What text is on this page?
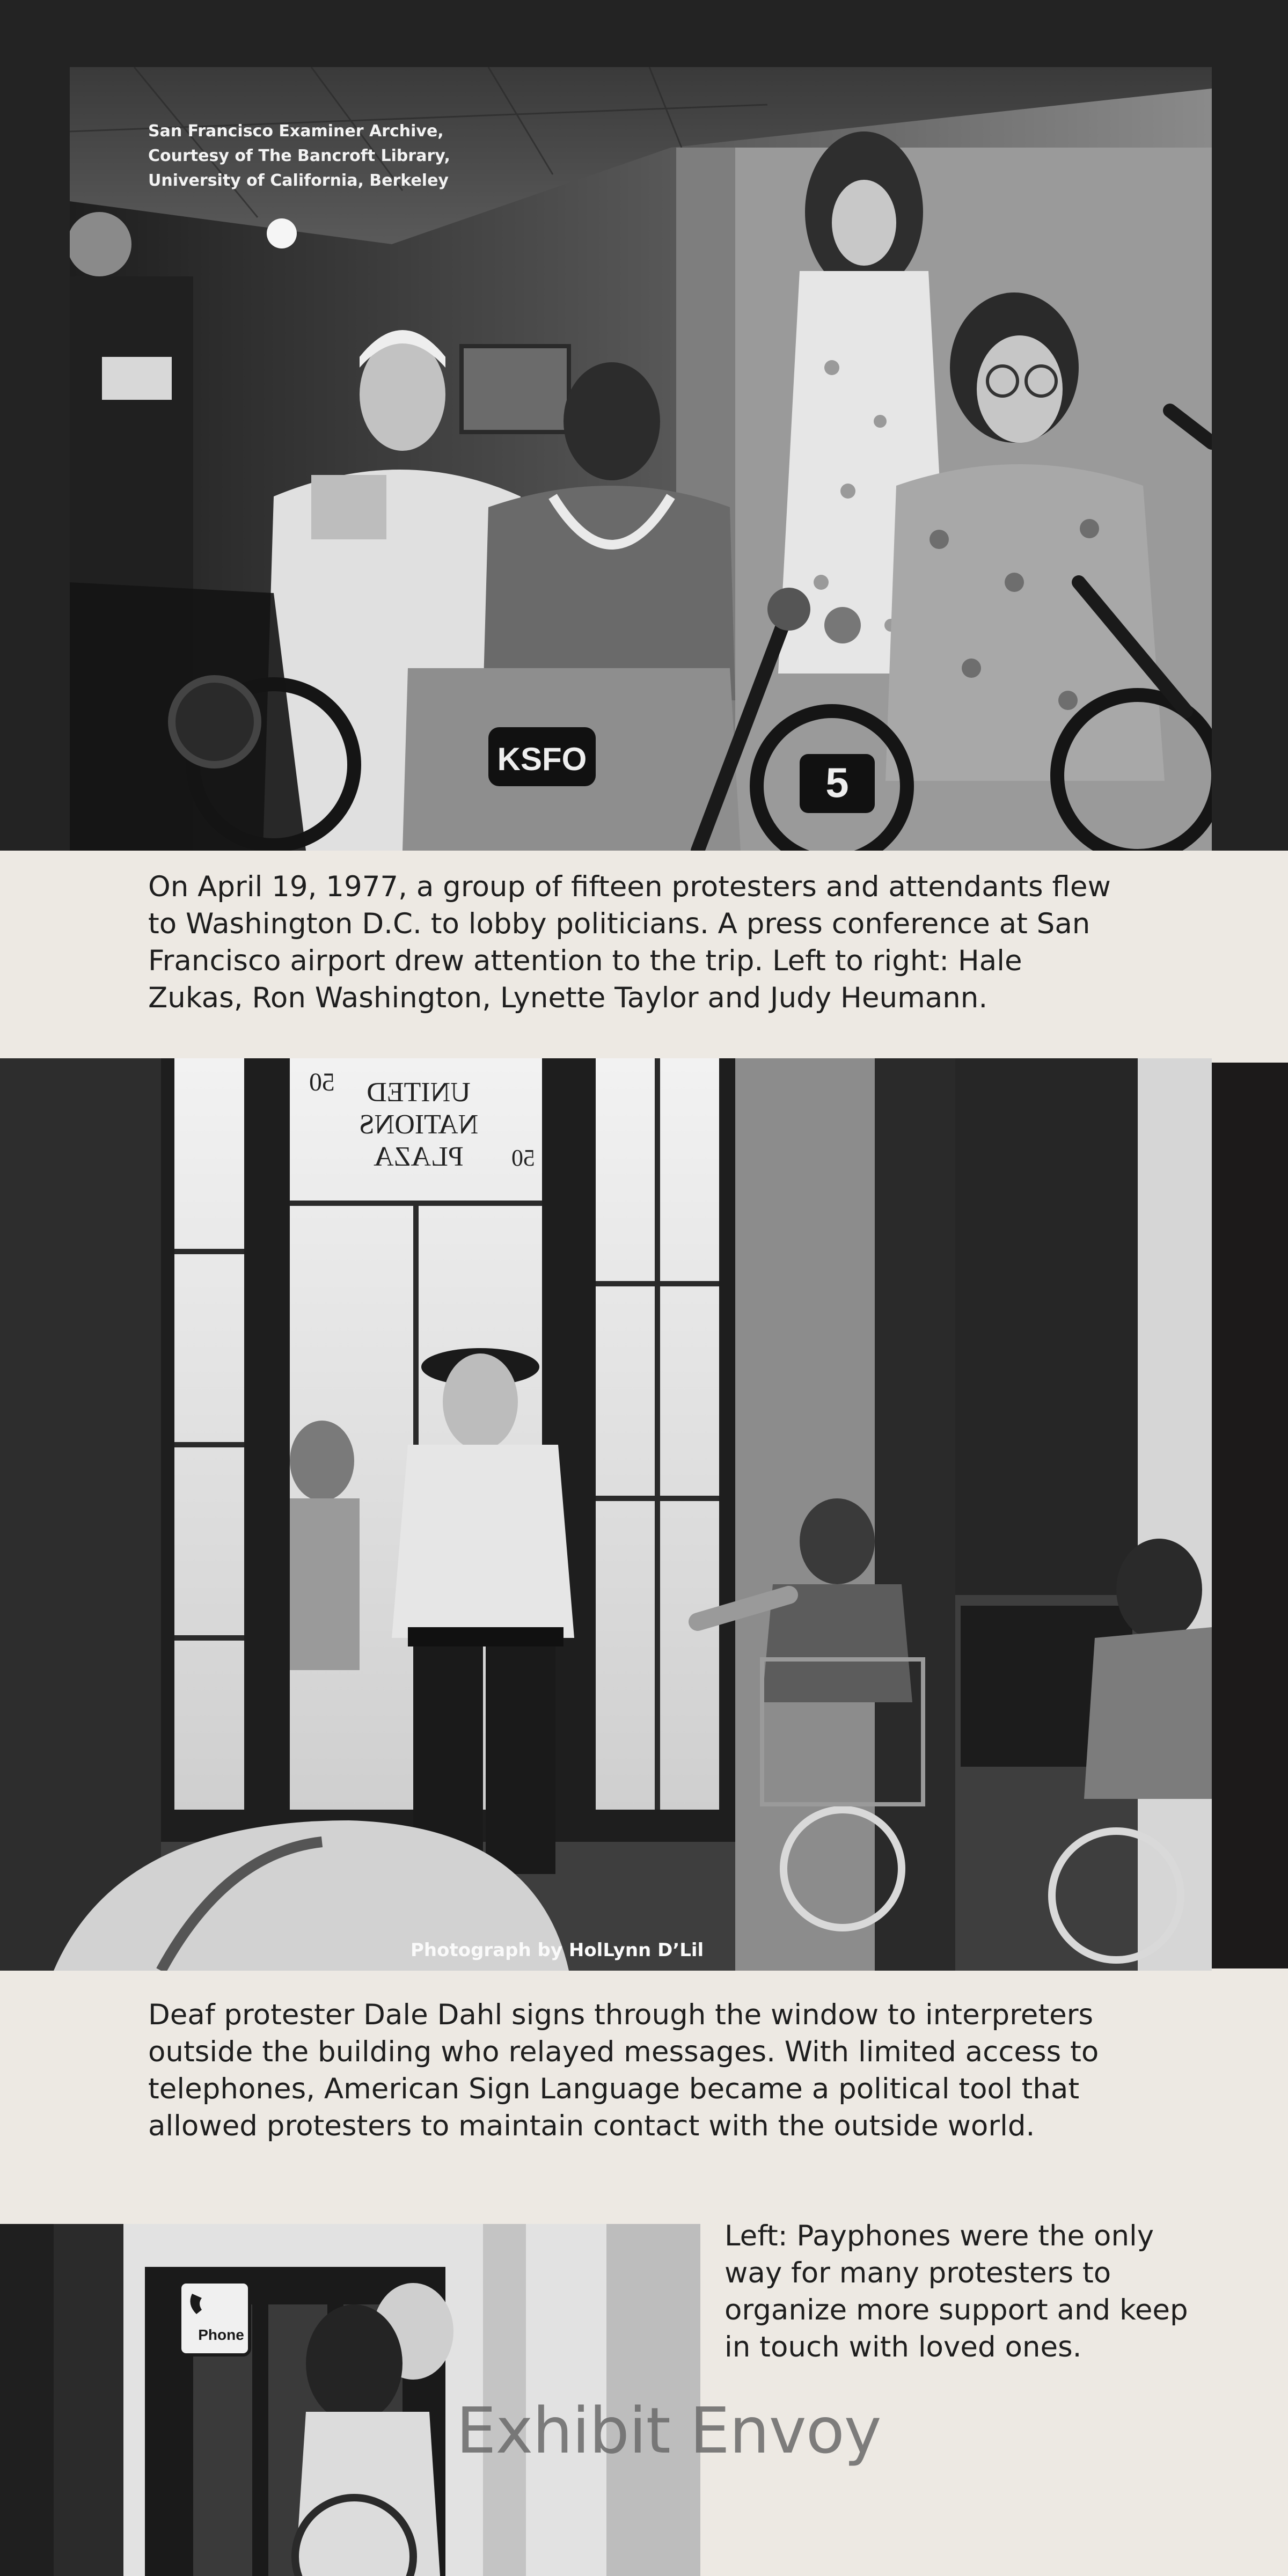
KSFO	5
San Francisco Examiner Archive,
Courtesy of The Bancroft Library,
University of California, Berkeley
On April 19, 1977, a group of fifteen protesters and attendants flew to Washington D.C. to lobby politicians. A press conference at San Francisco airport drew attention to the trip. Left to right: Hale Zukas, Ron Washington, Lynette Taylor and Judy Heumann.
50 UNITED
NATIONS
PLAZA 50
Photograph by HolLynn D’Lil
Deaf protester Dale Dahl signs through the window to interpreters outside the building who relayed messages. With limited access to telephones, American Sign Language became a political tool that allowed protesters to maintain contact with the outside world.
Phone
Left: Payphones were the only way for many protesters to organize more support and keep in touch with loved ones.
Exhibit Envoy
